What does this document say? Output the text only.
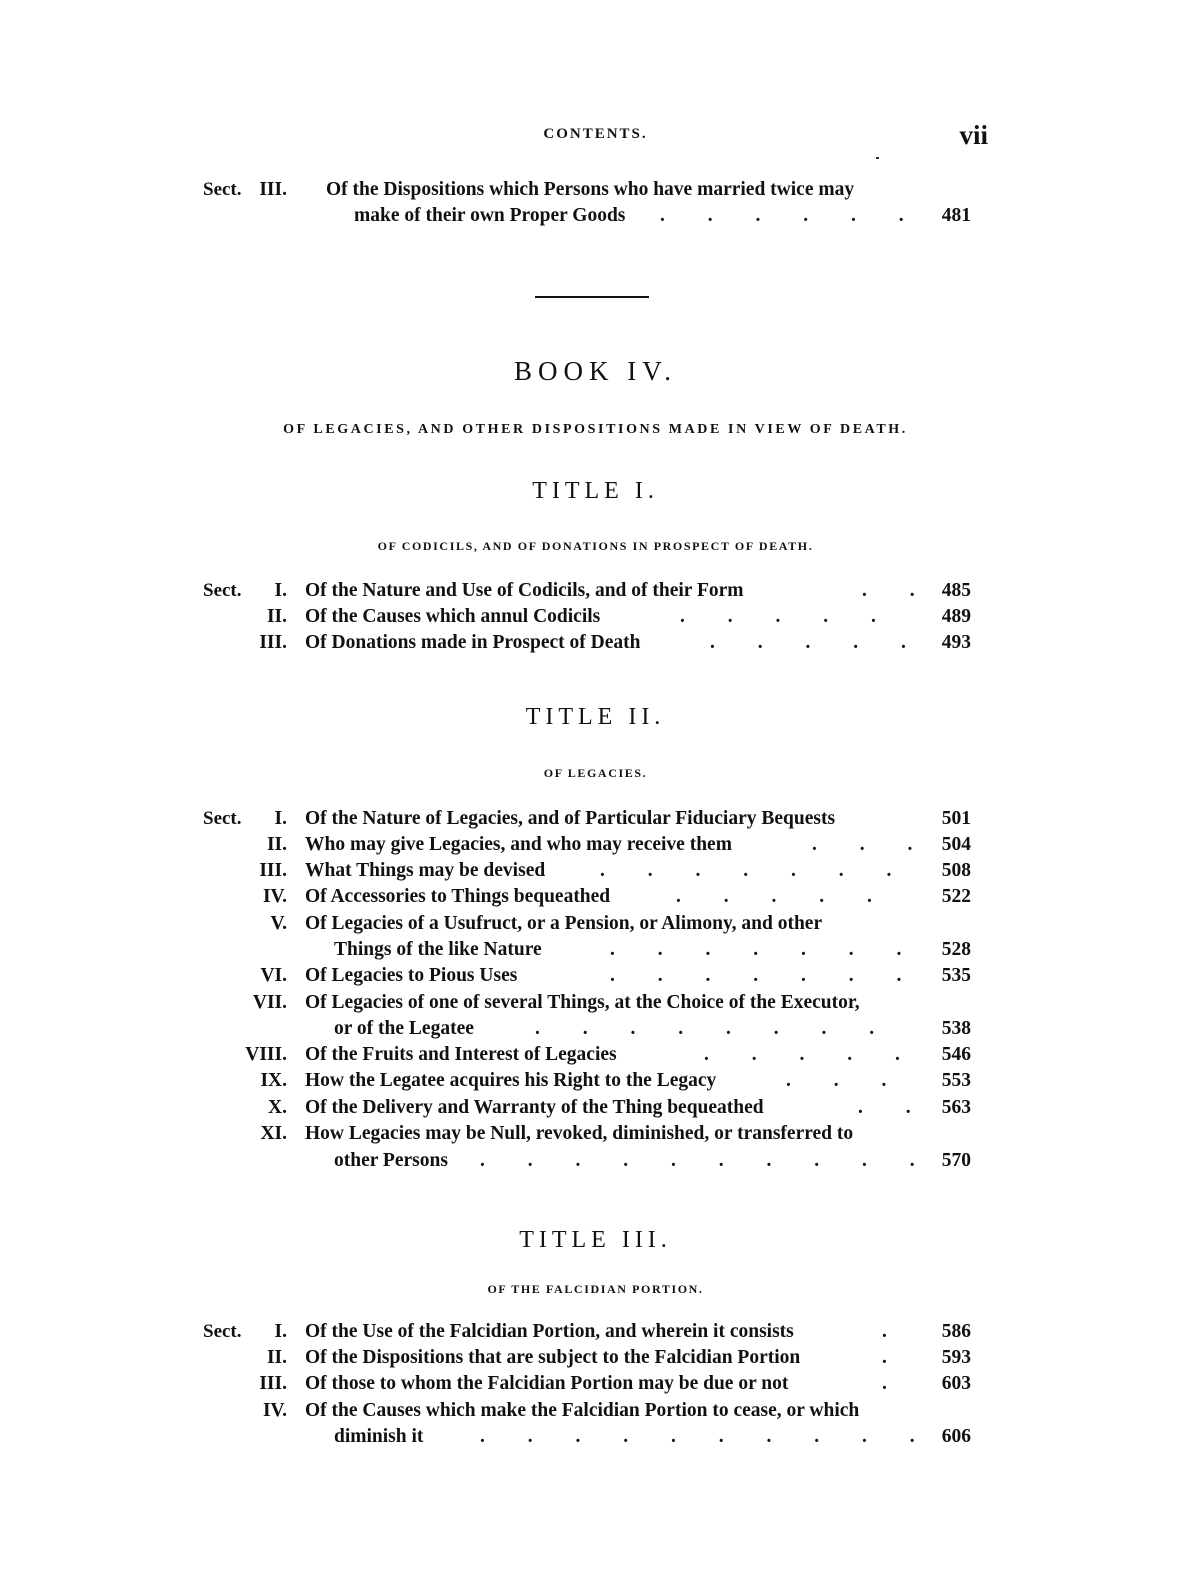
CONTENTS.	vii
Sect. III. Of the Dispositions which Persons who have married twice may
make of their own Proper Goods . . . . . . 481
BOOK IV.
OF LEGACIES, AND OTHER DISPOSITIONS MADE IN VIEW OF DEATH.
TITLE I.
OF CODICILS, AND OF DONATIONS IN PROSPECT OF DEATH.
Sect. I. Of the Nature and Use of Codicils, and of their Form	. . 485
II. Of the Causes which annul Codicils	. . . . . 489
III. Of Donations made in Prospect of Death	. . . . . 493
TITLE II.
OF LEGACIES.
Sect. I. Of the Nature of Legacies, and of Particular Fiduciary Bequests	501
II. Who may give Legacies, and who may receive them	. . . 504
III. What Things may be devised	. . . . . . . 508
IV. Of Accessories to Things bequeathed	. . . . .	522
V. Of Legacies of a Usufruct, or a Pension, or Alimony, and other
Things of the like Nature	. . . . . . . 528
VI. Of Legacies to Pious Uses	. . . . . . . 535
VII. Of Legacies of one of several Things, at the Choice of the Executor,
or of the Legatee	. . . . . . . . 538
VIII. Of the Fruits and Interest of Legacies	. . . . . 546
IX. How the Legatee acquires his Right to the Legacy	. . . 553
X. Of the Delivery and Warranty of the Thing bequeathed	. . 563
XI. How Legacies may be Null, revoked, diminished, or transferred to
other Persons . . . . . . . . . . 570
TITLE III.
OF THE FALCIDIAN PORTION.
Sect. I. Of the Use of the Falcidian Portion, and wherein it consists	. 586
II. Of the Dispositions that are subject to the Falcidian Portion	. 593
III. Of those to whom the Falcidian Portion may be due or not	. 603
IV. Of the Causes which make the Falcidian Portion to cease, or which
diminish it	. . . . . . . . . . 606
